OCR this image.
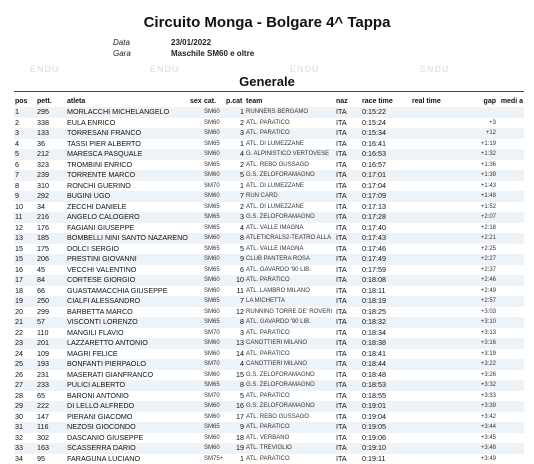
Circuito Monga - Bolgare 4^ Tappa
Data	23/01/2022
Gara	Maschile SM60 e oltre
ENDU	ENDU	ENDU	ENDU
Generale
pos	pett.	atleta	sex	cat.	p.cat	team	naz	race time	real time	gap	medi a
1	295	MORLACCHI MICHELANGELO		SM60	1	RUNNERS BERGAMO	ITA	0:15:22			
2	338	EULA ENRICO		SM60	2	ATL. PARATICO	ITA	0:15:24		+3	
3	133	TORRESANI FRANCO		SM60	3	ATL. PARATICO	ITA	0:15:34		+12	
4	36	TASSI PIER ALBERTO		SM65	1	ATL. DI LUMEZZANE	ITA	0:16:41		+1:19	
5	212	MARESCA PASQUALE		SM60	4	G. ALPINISTICO VERTOVESE	ITA	0:16:53		+1:32	
6	323	TROMBINI ENRICO		SM65	2	ATL. REBO GUSSAGO	ITA	0:16:57		+1:36	
7	239	TORRENTE MARCO		SM60	5	G.S. ZELOFORAMAGNO	ITA	0:17:01		+1:39	
8	310	RONCHI GUERINO		SM70	1	ATL. DI LUMEZZANE	ITA	0:17:04		+1:43	
9	292	BUGINI UGO		SM60	7	RUN CARD	ITA	0:17:09		+1:48	
10	34	ZECCHI DANIELE		SM65	2	ATL. DI LUMEZZANE	ITA	0:17:13		+1:52	
11	216	ANGELO CALOGERO		SM65	3	G.S. ZELOFORAMAGNO	ITA	0:17:28		+2:07	
12	176	FAGIANI GIUSEPPE		SM65	4	ATL. VALLE IMAGNA	ITA	0:17:40		+2:18	
13	185	BOMBELLI NINI SANTO NAZARENO		SM60	8	ATLETICRALS2-TEATRO ALLA	ITA	0:17:43		+2:21	
15	175	DOLCI SERGIO		SM65	5	ATL. VALLE IMAGNA	ITA	0:17:46		+2:25	
15	206	PRESTINI GIOVANNI		SM60	9	CLUB PANTERA ROSA	ITA	0:17:49		+2:27	
16	45	VECCHI VALENTINO		SM65	6	ATL. GAVARDO '90 LIB.	ITA	0:17:59		+2:37	
17	84	CORTESE GIORGIO		SM60	10	ATL. PARATICO	ITA	0:18:08		+2:46	
18	66	GUASTAMACCHIA GIUSEPPE		SM60	11	ATL. LAMBRO MILANO	ITA	0:18:11		+2:49	
19	250	CIALFI ALESSANDRO		SM65	7	LA MICHETTA	ITA	0:18:19		+2:57	
20	299	BARBETTA MARCO		SM60	12	RUNNING TORRE DE' ROVERI	ITA	0:18:25		+3:03	
21	57	VISCONTI LORENZO		SM65	8	ATL. GAVARDO '90 LIB.	ITA	0:18:32		+3:10	
22	110	MANGILI FLAVIO		SM70	3	ATL. PARATICO	ITA	0:18:34		+3:13	
23	201	LAZZARETTO ANTONIO		SM60	13	CANOTTIERI MILANO	ITA	0:18:38		+3:16	
24	109	MAGRI FELICE		SM60	14	ATL. PARATICO	ITA	0:18:41		+3:19	
25	193	BONFANTI PIERPAOLO		SM70	4	CANOTTIERI MILANO	ITA	0:18:44		+3:22	
26	231	MASERATI GIANFRANCO		SM60	15	G.S. ZELOFORAMAGNO	ITA	0:18:48		+3:26	
27	233	PULICI ALBERTO		SM65	8	G.S. ZELOFORAMAGNO	ITA	0:18:53		+3:32	
28	65	BARONI ANTONIO		SM70	5	ATL. PARATICO	ITA	0:18:55		+3:33	
29	222	DI LELLO ALFREDO		SM60	16	G.S. ZELOFORAMAGNO	ITA	0:19:01		+3:39	
30	147	PIERANI GIACOMO		SM60	17	ATL. REBO GUSSAGO	ITA	0:19:04		+3:42	
31	116	NEZOSI GIOCONDO		SM65	9	ATL. PARATICO	ITA	0:19:05		+3:44	
32	302	DASCANIO GIUSEPPE		SM60	18	ATL. VERBANO	ITA	0:19:06		+3:45	
33	163	SCASSERRA DARIO		SM60	19	ATL. TREVIGLIO	ITA	0:19:10		+3:48	
34	95	FARAGUNA LUCIANO		SM75+	1	ATL. PARATICO	ITA	0:19:11		+3:49	
